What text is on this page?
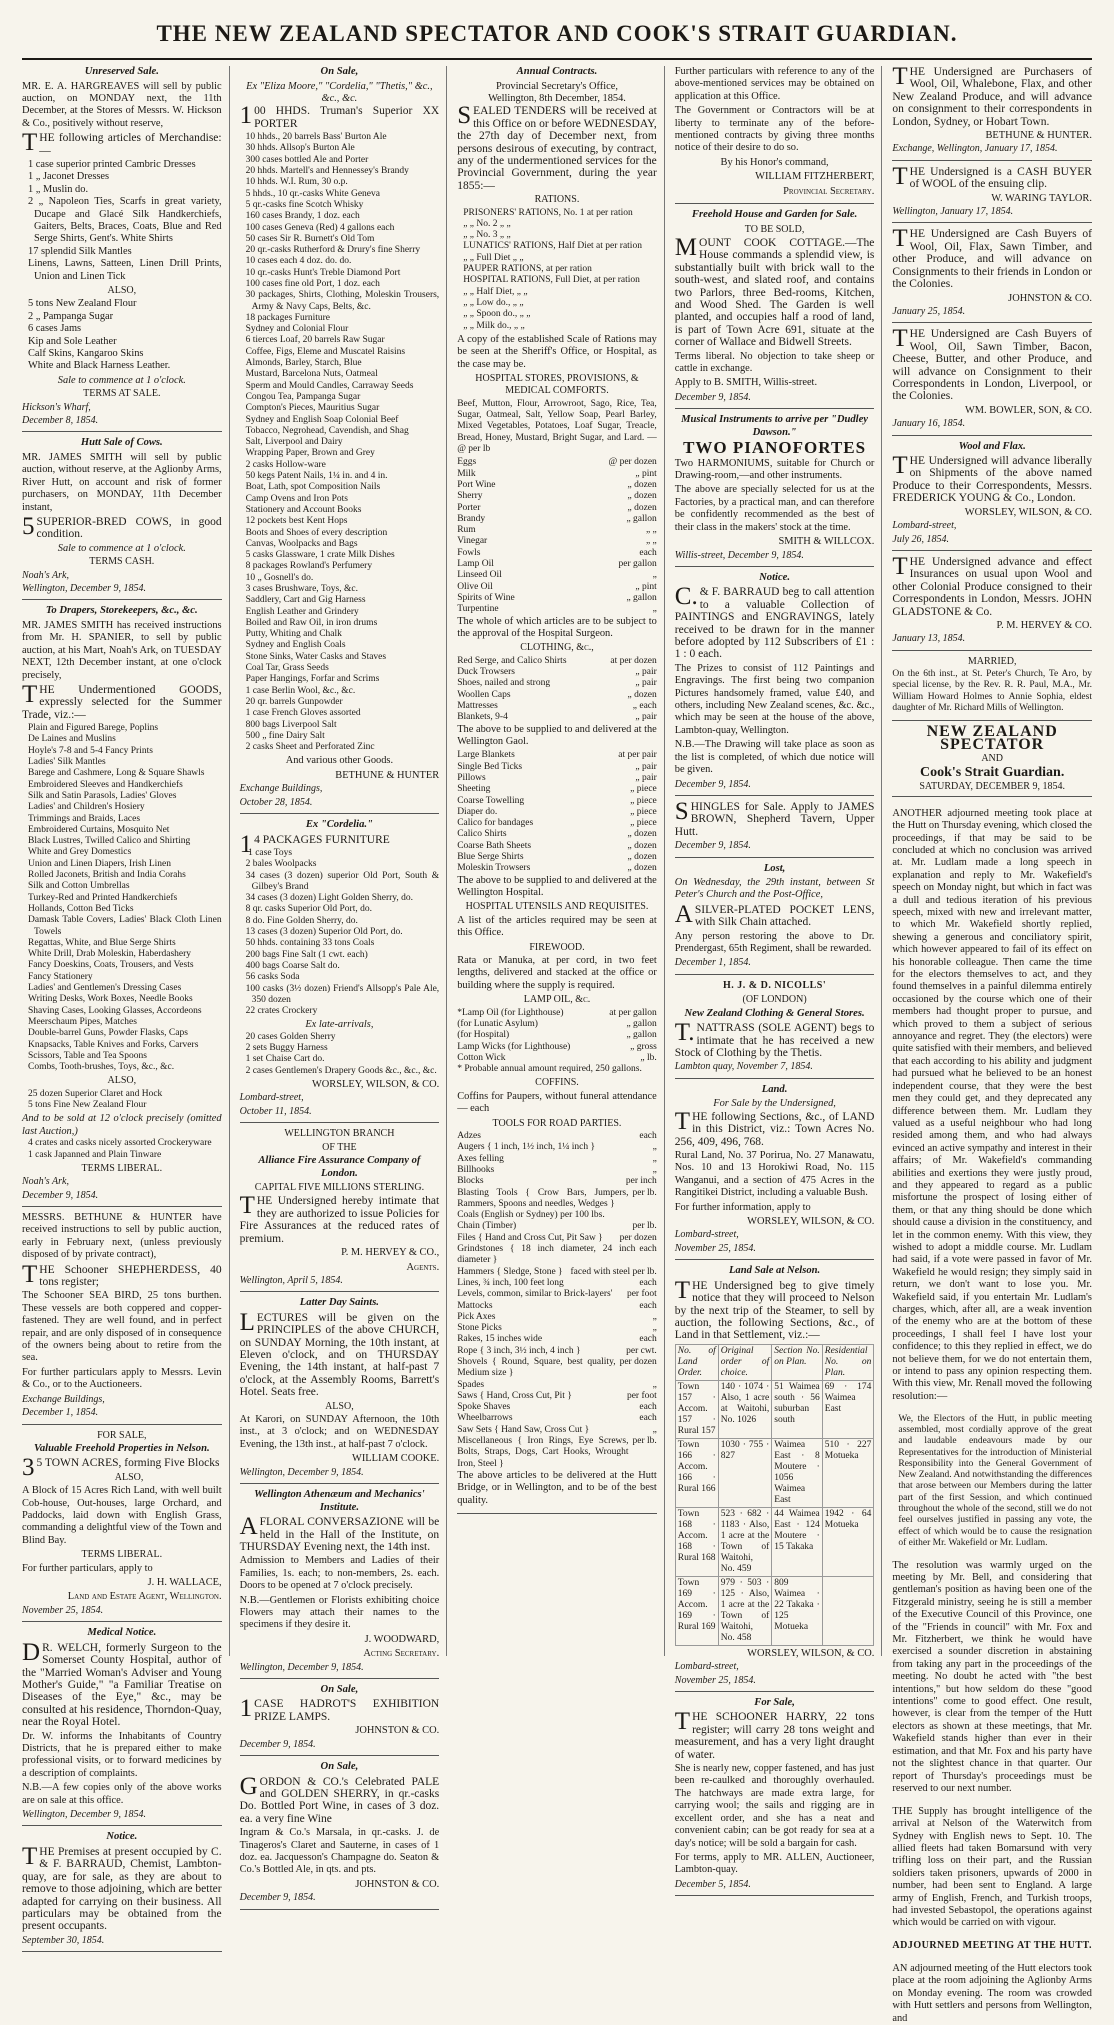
THE NEW ZEALAND SPECTATOR AND COOK'S STRAIT GUARDIAN.
Unreserved Sale.

MR. E. A. HARGREAVES will sell by public auction, on MONDAY next, the 11th December, at the Stores of Messrs. W. Hickson & Co., positively without reserve,

THE following articles of Merchandise:—

1 case superior printed Cambric Dresses
1 „ Jaconet Dresses
1 „ Muslin do.
2 „ Napoleon Ties, Scarfs in great variety, Ducape and Glacé Silk Handkerchiefs, Gaiters, Belts, Braces, Coats, Blue and Red Serge Shirts, Gent's. White Shirts
17 splendid Silk Mantles
Linens, Lawns, Satteen, Linen Drill Prints, Union and Linen Tick
ALSO,
5 tons New Zealand Flour
2 „ Pampanga Sugar
6 cases Jams
Kip and Sole Leather
Calf Skins, Kangaroo Skins
White and Black Harness Leather.
Sale to commence at 1 o'clock.
TERMS AT SALE.
Hickson's Wharf,
December 8, 1854.
Hutt Sale of Cows.

MR. JAMES SMITH will sell by public auction, without reserve, at the Aglionby Arms, River Hutt, on account and risk of former purchasers, on MONDAY, 11th December instant,

5SUPERIOR-BRED COWS, in good condition.

Sale to commence at 1 o'clock.
TERMS CASH.
Noah's Ark,
Wellington, December 9, 1854.
To Drapers, Storekeepers, &c., &c.

MR. JAMES SMITH has received instructions from Mr. H. SPANIER, to sell by public auction, at his Mart, Noah's Ark, on TUESDAY NEXT, 12th December instant, at one o'clock precisely,

THE Undermentioned GOODS, expressly selected for the Summer Trade, viz.:—

Plain and Figured Barege, Poplins
De Laines and Muslins
Hoyle's 7-8 and 5-4 Fancy Prints
Ladies' Silk Mantles
Barege and Cashmere, Long & Square Shawls
Embroidered Sleeves and Handkerchiefs
Silk and Satin Parasols, Ladies' Gloves
Ladies' and Children's Hosiery
Trimmings and Braids, Laces
Embroidered Curtains, Mosquito Net
Black Lustres, Twilled Calico and Shirting
White and Grey Domestics
Union and Linen Diapers, Irish Linen
Rolled Jaconets, British and India Corahs
Silk and Cotton Umbrellas
Turkey-Red and Printed Handkerchiefs
Hollands, Cotton Bed Ticks
Damask Table Covers, Ladies' Black Cloth Linen Towels
Regattas, White, and Blue Serge Shirts
White Drill, Drab Moleskin, Haberdashery
Fancy Doeskins, Coats, Trousers, and Vests
Fancy Stationery
Ladies' and Gentlemen's Dressing Cases
Writing Desks, Work Boxes, Needle Books
Shaving Cases, Looking Glasses, Accordeons
Meerschaum Pipes, Matches
Double-barrel Guns, Powder Flasks, Caps
Knapsacks, Table Knives and Forks, Carvers
Scissors, Table and Tea Spoons
Combs, Tooth-brushes, Toys, &c., &c.
ALSO,
25 dozen Superior Claret and Hock
5 tons Fine New Zealand Flour
And to be sold at 12 o'clock precisely (omitted last Auction,)
4 crates and casks nicely assorted Crockeryware
1 cask Japanned and Plain Tinware
TERMS LIBERAL.
Noah's Ark,
December 9, 1854.

MESSRS. BETHUNE & HUNTER have received instructions to sell by public auction, early in February next, (unless previously disposed of by private contract),

THE Schooner SHEPHERDESS, 40 tons register;

The Schooner SEA BIRD, 25 tons burthen. These vessels are both coppered and copper-fastened. They are well found, and in perfect repair, and are only disposed of in consequence of the owners being about to retire from the sea.

For further particulars apply to Messrs. Levin & Co., or to the Auctioneers.

Exchange Buildings,
December 1, 1854.
FOR SALE,
Valuable Freehold Properties in Nelson.

35 TOWN ACRES, forming Five Blocks

ALSO,

A Block of 15 Acres Rich Land, with well built Cob-house, Out-houses, large Orchard, and Paddocks, laid down with English Grass, commanding a delightful view of the Town and Blind Bay.

TERMS LIBERAL.

For further particulars, apply to

J. H. WALLACE,
Land and Estate Agent, Wellington.
November 25, 1854.
Medical Notice.

DR. WELCH, formerly Surgeon to the Somerset County Hospital, author of the "Married Woman's Adviser and Young Mother's Guide," "a Familiar Treatise on Diseases of the Eye," &c., may be consulted at his residence, Thorndon-Quay, near the Royal Hotel.

Dr. W. informs the Inhabitants of Country Districts, that he is prepared either to make professional visits, or to forward medicines by a description of complaints.

N.B.—A few copies only of the above works are on sale at this office.

Wellington, December 9, 1854.
Notice.

THE Premises at present occupied by C. & F. BARRAUD, Chemist, Lambton-quay, are for sale, as they are about to remove to those adjoining, which are better adapted for carrying on their business. All particulars may be obtained from the present occupants.

September 30, 1854.
On Sale,
Ex "Eliza Moore," "Cordelia," "Thetis," &c., &c., &c.

100 HHDS. Truman's Superior XX PORTER

10 hhds., 20 barrels Bass' Burton Ale
30 hhds. Allsop's Burton Ale
300 cases bottled Ale and Porter
20 hhds. Martell's and Hennessey's Brandy
10 hhds. W.I. Rum, 30 o.p.
5 hhds., 10 qr.-casks White Geneva
5 qr.-casks fine Scotch Whisky
160 cases Brandy, 1 doz. each
100 cases Geneva (Red) 4 gallons each
50 cases Sir R. Burnett's Old Tom
20 qr.-casks Rutherford & Drury's fine Sherry
10 cases each 4 doz. do. do.
10 qr.-casks Hunt's Treble Diamond Port
100 cases fine old Port, 1 doz. each
30 packages, Shirts, Clothing, Moleskin Trousers, Army & Navy Caps, Belts, &c.
18 packages Furniture
Sydney and Colonial Flour
6 tierces Loaf, 20 barrels Raw Sugar
Coffee, Figs, Eleme and Muscatel Raisins
Almonds, Barley, Starch, Blue
Mustard, Barcelona Nuts, Oatmeal
Sperm and Mould Candles, Carraway Seeds
Congou Tea, Pampanga Sugar
Compton's Pieces, Mauritius Sugar
Sydney and English Soap Colonial Beef
Tobacco, Negrohead, Cavendish, and Shag
Salt, Liverpool and Dairy
Wrapping Paper, Brown and Grey
2 casks Hollow-ware
50 kegs Patent Nails, 1¼ in. and 4 in.
Boat, Lath, spot Composition Nails
Camp Ovens and Iron Pots
Stationery and Account Books
12 pockets best Kent Hops
Boots and Shoes of every description
Canvas, Woolpacks and Bags
5 casks Glassware, 1 crate Milk Dishes
8 packages Rowland's Perfumery
10 „ Gosnell's do.
3 cases Brushware, Toys, &c.
Saddlery, Cart and Gig Harness
English Leather and Grindery
Boiled and Raw Oil, in iron drums
Putty, Whiting and Chalk
Sydney and English Coals
Stone Sinks, Water Casks and Staves
Coal Tar, Grass Seeds
Paper Hangings, Forfar and Scrims
1 case Berlin Wool, &c., &c.
20 qr. barrels Gunpowder
1 case French Gloves assorted
800 bags Liverpool Salt
500 „ fine Dairy Salt
2 casks Sheet and Perforated Zinc
And various other Goods.
BETHUNE & HUNTER
Exchange Buildings,
October 28, 1854.
Ex "Cordelia."

14 PACKAGES FURNITURE

1 case Toys
2 bales Woolpacks
34 cases (3 dozen) superior Old Port, South & Gilbey's Brand
34 cases (3 dozen) Light Golden Sherry, do.
8 qr. casks Superior Old Port, do.
8 do. Fine Golden Sherry, do.
13 cases (3 dozen) Superior Old Port, do.
50 hhds. containing 33 tons Coals
200 bags Fine Salt (1 cwt. each)
400 bags Coarse Salt do.
56 casks Soda
100 casks (3½ dozen) Friend's Allsopp's Pale Ale, 350 dozen
22 crates Crockery
Ex late-arrivals,
20 cases Golden Sherry
2 sets Buggy Harness
1 set Chaise Cart do.
2 cases Gentlemen's Drapery Goods &c., &c., &c.
WORSLEY, WILSON, & CO.
Lombard-street,
October 11, 1854.
WELLINGTON BRANCH
OF THE
Alliance Fire Assurance Company of London.
CAPITAL FIVE MILLIONS STERLING.

THE Undersigned hereby intimate that they are authorized to issue Policies for Fire Assurances at the reduced rates of premium.

P. M. HERVEY & CO.,
Agents.
Wellington, April 5, 1854.
Latter Day Saints.

LECTURES will be given on the PRINCIPLES of the above CHURCH, on SUNDAY Morning, the 10th instant, at Eleven o'clock, and on THURSDAY Evening, the 14th instant, at half-past 7 o'clock, at the Assembly Rooms, Barrett's Hotel. Seats free.

ALSO,

At Karori, on SUNDAY Afternoon, the 10th inst., at 3 o'clock; and on WEDNESDAY Evening, the 13th inst., at half-past 7 o'clock.

WILLIAM COOKE.
Wellington, December 9, 1854.
Wellington Athenæum and Mechanics' Institute.

AFLORAL CONVERSAZIONE will be held in the Hall of the Institute, on THURSDAY Evening next, the 14th inst.

Admission to Members and Ladies of their Families, 1s. each; to non-members, 2s. each. Doors to be opened at 7 o'clock precisely.

N.B.—Gentlemen or Florists exhibiting choice Flowers may attach their names to the specimens if they desire it.

J. WOODWARD,
Acting Secretary.
Wellington, December 9, 1854.
On Sale,

1CASE HADROT'S EXHIBITION PRIZE LAMPS.

JOHNSTON & CO.
December 9, 1854.
On Sale,

GORDON & CO.'s Celebrated PALE and GOLDEN SHERRY, in qr.-casks Do. Bottled Port Wine, in cases of 3 doz. ea. a very fine Wine

Ingram & Co.'s Marsala, in qr.-casks. J. de Tinageros's Claret and Sauterne, in cases of 1 doz. ea. Jacquesson's Champagne do. Seaton & Co.'s Bottled Ale, in qts. and pts.

JOHNSTON & CO.
December 9, 1854.
Annual Contracts.
Provincial Secretary's Office,
Wellington, 8th December, 1854.

SEALED TENDERS will be received at this Office on or before WEDNESDAY, the 27th day of December next, from persons desirous of executing, by contract, any of the undermentioned services for the Provincial Government, during the year 1855:—

RATIONS.
PRISONERS' RATIONS, No. 1 at per ration
„ „ No. 2 „ „
„ „ No. 3 „ „
LUNATICS' RATIONS, Half Diet at per ration
„ „ Full Diet „ „
PAUPER RATIONS, at per ration
HOSPITAL RATIONS, Full Diet, at per ration
„ „ Half Diet, „ „
„ „ Low do., „ „
„ „ Spoon do., „ „
„ „ Milk do., „ „

A copy of the established Scale of Rations may be seen at the Sheriff's Office, or Hospital, as the case may be.

HOSPITAL STORES, PROVISIONS, & MEDICAL COMFORTS.

Beef, Mutton, Flour, Arrowroot, Sago, Rice, Tea, Sugar, Oatmeal, Salt, Yellow Soap, Pearl Barley, Mixed Vegetables, Potatoes, Loaf Sugar, Treacle, Bread, Honey, Mustard, Bright Sugar, and Lard. — @ per lb

Eggs	@ per dozen
Milk	„ pint
Port Wine	„ dozen
Sherry	„ dozen
Porter	„ dozen
Brandy	„ gallon
Rum	„ „
Vinegar	„ „
Fowls	each
Lamp Oil	per gallon
Linseed Oil	„
Olive Oil	„ pint
Spirits of Wine	„ gallon
Turpentine	„

The whole of which articles are to be subject to the approval of the Hospital Surgeon.

CLOTHING, &c.,
Red Serge, and Calico Shirts	at per dozen
Duck Trowsers	„ pair
Shoes, nailed and strong	„ pair
Woollen Caps	„ dozen
Mattresses	„ each
Blankets, 9-4	„ pair

The above to be supplied to and delivered at the Wellington Gaol.

Large Blankets	at per pair
Single Bed Ticks	„ pair
Pillows	„ pair
Sheeting	„ piece
Coarse Towelling	„ piece
Diaper do.	„ piece
Calico for bandages	„ piece
Calico Shirts	„ dozen
Coarse Bath Sheets	„ dozen
Blue Serge Shirts	„ dozen
Moleskin Trowsers	„ dozen

The above to be supplied to and delivered at the Wellington Hospital.

HOSPITAL UTENSILS AND REQUISITES.

A list of the articles required may be seen at this Office.

FIREWOOD.

Rata or Manuka, at per cord, in two feet lengths, delivered and stacked at the office or building where the supply is required.

LAMP OIL, &c.
*Lamp Oil (for Lighthouse)	at per gallon
(for Lunatic Asylum)	„ gallon
(for Hospital)	„ gallon
Lamp Wicks (for Lighthouse)	„ gross
Cotton Wick	„ lb.

* Probable annual amount required, 250 gallons.

COFFINS.

Coffins for Paupers, without funeral attendance — each

TOOLS FOR ROAD PARTIES.
Adzes	each
Augers { 1 inch, 1½ inch, 1¼ inch }	„
Axes felling	„
Billhooks	„
Blocks	per inch
Blasting Tools { Crow Bars, Jumpers, Rammers, Spoons and needles, Wedges }
per lb.
Coals (English or Sydney) per 100 lbs.
Chain (Timber)	per lb.
Files { Hand and Cross Cut, Pit Saw } per dozen
Grindstones { 18 inch diameter, 24 inch diameter }
each
Hammers { Sledge, Stone } faced with steel per lb.
Lines, ¾ inch, 100 feet long	each
Levels, common, similar to Brick-layers' per foot
Mattocks	each
Pick Axes	„
Stone Picks	„
Rakes, 15 inches wide	each
Rope { 3 inch, 3½ inch, 4 inch }	per cwt.
Shovels { Round, Square, best quality, Medium size }
per dozen
Spades	„
Saws { Hand, Cross Cut, Pit }	per foot
Spoke Shaves	each
Wheelbarrows	each
Saw Sets { Hand Saw, Cross Cut }	„
Miscellaneous { Iron Rings, Eye Screws, Bolts, Straps, Dogs, Cart Hooks, Wrought Iron, Steel }
per lb.

The above articles to be delivered at the Hutt Bridge, or in Wellington, and to be of the best quality.

Further particulars with reference to any of the above-mentioned services may be obtained on application at this Office.

The Government or Contractors will be at liberty to terminate any of the before-mentioned contracts by giving three months notice of their desire to do so.

By his Honor's command,
WILLIAM FITZHERBERT,
Provincial Secretary.
Freehold House and Garden for Sale.
TO BE SOLD,

MOUNT COOK COTTAGE.—The House commands a splendid view, is substantially built with brick wall to the south-west, and slated roof, and contains two Parlors, three Bed-rooms, Kitchen, and Wood Shed. The Garden is well planted, and occupies half a rood of land, is part of Town Acre 691, situate at the corner of Wallace and Bidwell Streets.

Terms liberal. No objection to take sheep or cattle in exchange.

Apply to B. SMITH, Willis-street.

December 9, 1854.
Musical Instruments to arrive per "Dudley Dawson."
TWO PIANOFORTES

Two HARMONIUMS, suitable for Church or Drawing-room,—and other instruments.

The above are specially selected for us at the Factories, by a practical man, and can therefore be confidently recommended as the best of their class in the makers' stock at the time.

SMITH & WILLCOX.
Willis-street, December 9, 1854.
Notice.

C.& F. BARRAUD beg to call attention to a valuable Collection of PAINTINGS and ENGRAVINGS, lately received to be drawn for in the manner before adopted by 112 Subscribers of £1 : 1 : 0 each.

The Prizes to consist of 112 Paintings and Engravings. The first being two companion Pictures handsomely framed, value £40, and others, including New Zealand scenes, &c. &c., which may be seen at the house of the above, Lambton-quay, Wellington.

N.B.—The Drawing will take place as soon as the list is completed, of which due notice will be given.

December 9, 1854.

SHINGLES for Sale. Apply to JAMES BROWN, Shepherd Tavern, Upper Hutt.

December 9, 1854.
Lost,

On Wednesday, the 29th instant, between St Peter's Church and the Post-Office,

ASILVER-PLATED POCKET LENS, with Silk Chain attached.

Any person restoring the above to Dr. Prendergast, 65th Regiment, shall be rewarded.

December 1, 1854.
H. J. & D. NICOLLS'
(OF LONDON)
New Zealand Clothing & General Stores.

T.NATTRASS (SOLE AGENT) begs to intimate that he has received a new Stock of Clothing by the Thetis.

Lambton quay, November 7, 1854.
Land.
For Sale by the Undersigned,

THE following Sections, &c., of LAND in this District, viz.: Town Acres No. 256, 409, 496, 768.

Rural Land, No. 37 Porirua, No. 27 Manawatu, Nos. 10 and 13 Horokiwi Road, No. 115 Wanganui, and a section of 475 Acres in the Rangitikei District, including a valuable Bush.

For further information, apply to

WORSLEY, WILSON, & CO.
Lombard-street,
November 25, 1854.
Land Sale at Nelson.

THE Undersigned beg to give timely notice that they will proceed to Nelson by the next trip of the Steamer, to sell by auction, the following Sections, &c., of Land in that Settlement, viz.:—

No. of Land Order.	Original order of choice.	Section No. on Plan.	Residential No. on Plan.
Town 157 · Accom. 157 · Rural 157	140 · 1074 · Also, 1 acre at Waitohi, No. 1026	51 Waimea south · 56 suburban south	69 · 174 Waimea East
Town 166 · Accom. 166 · Rural 166	1030 · 755 · 827	Waimea East · 8 Moutere · 1056 Waimea East	510 · 227 Motueka
Town 168 · Accom. 168 · Rural 168	523 · 682 · 1183 · Also, 1 acre at the Town of Waitohi, No. 459	44 Waimea East · 124 Moutere · 15 Takaka	1942 · 64 Motueka
Town 169 · Accom. 169 · Rural 169	979 · 503 · 125 · Also, 1 acre at the Town of Waitohi, No. 458	809 Waimea · 22 Takaka · 125 Motueka	
WORSLEY, WILSON, & CO.
Lombard-street,
November 25, 1854.
For Sale,

THE SCHOONER HARRY, 22 tons register; will carry 28 tons weight and measurement, and has a very light draught of water.

She is nearly new, copper fastened, and has just been re-caulked and thoroughly overhauled. The hatchways are made extra large, for carrying wool; the sails and rigging are in excellent order, and she has a neat and convenient cabin; can be got ready for sea at a day's notice; will be sold a bargain for cash.

For terms, apply to MR. ALLEN, Auctioneer, Lambton-quay.

December 5, 1854.

THE Undersigned are Purchasers of Wool, Oil, Whalebone, Flax, and other New Zealand Produce, and will advance on consignment to their correspondents in London, Sydney, or Hobart Town.

BETHUNE & HUNTER.
Exchange, Wellington, January 17, 1854.

THE Undersigned is a CASH BUYER of WOOL of the ensuing clip.

W. WARING TAYLOR.
Wellington, January 17, 1854.

THE Undersigned are Cash Buyers of Wool, Oil, Flax, Sawn Timber, and other Produce, and will advance on Consignments to their friends in London or the Colonies.

JOHNSTON & CO.
January 25, 1854.

THE Undersigned are Cash Buyers of Wool, Oil, Sawn Timber, Bacon, Cheese, Butter, and other Produce, and will advance on Consignment to their Correspondents in London, Liverpool, or the Colonies.

WM. BOWLER, SON, & CO.
January 16, 1854.
Wool and Flax.

THE Undersigned will advance liberally on Shipments of the above named Produce to their Correspondents, Messrs. FREDERICK YOUNG & Co., London.

WORSLEY, WILSON, & CO.
Lombard-street,
July 26, 1854.

THE Undersigned advance and effect Insurances on usual upon Wool and other Colonial Produce consigned to their Correspondents in London, Messrs. JOHN GLADSTONE & Co.

P. M. HERVEY & CO.
January 13, 1854.
MARRIED,

On the 6th inst., at St. Peter's Church, Te Aro, by special license, by the Rev. R. R. Paul, M.A., Mr. William Howard Holmes to Annie Sophia, eldest daughter of Mr. Richard Mills of Wellington.

NEW ZEALAND SPECTATOR
AND
Cook's Strait Guardian.
SATURDAY, DECEMBER 9, 1854.

ANOTHER adjourned meeting took place at the Hutt on Thursday evening, which closed the proceedings, if that may be said to be concluded at which no conclusion was arrived at. Mr. Ludlam made a long speech in explanation and reply to Mr. Wakefield's speech on Monday night, but which in fact was a dull and tedious iteration of his previous speech, mixed with new and irrelevant matter, to which Mr. Wakefield shortly replied, shewing a generous and conciliatory spirit, which however appeared to fail of its effect on his honorable colleague. Then came the time for the electors themselves to act, and they found themselves in a painful dilemma entirely occasioned by the course which one of their members had thought proper to pursue, and which proved to them a subject of serious annoyance and regret. They (the electors) were quite satisfied with their members, and believed that each according to his ability and judgment had pursued what he believed to be an honest independent course, that they were the best men they could get, and they deprecated any difference between them. Mr. Ludlam they valued as a useful neighbour who had long resided among them, and who had always evinced an active sympathy and interest in their affairs; of Mr. Wakefield's commanding abilities and exertions they were justly proud, and they appeared to regard as a public misfortune the prospect of losing either of them, or that any thing should be done which should cause a division in the constituency, and let in the common enemy. With this view, they wished to adopt a middle course. Mr. Ludlam had said, if a vote were passed in favor of Mr. Wakefield he would resign; they simply said in return, we don't want to lose you. Mr. Wakefield said, if you entertain Mr. Ludlam's charges, which, after all, are a weak invention of the enemy who are at the bottom of these proceedings, I shall feel I have lost your confidence; to this they replied in effect, we do not believe them, for we do not entertain them, or intend to pass any opinion respecting them. With this view, Mr. Renall moved the following resolution:—

We, the Electors of the Hutt, in public meeting assembled, most cordially approve of the great and laudable endeavours made by our Representatives for the introduction of Ministerial Responsibility into the General Government of New Zealand. And notwithstanding the differences that arose between our Members during the latter part of the first Session, and which continued throughout the whole of the second, still we do not feel ourselves justified in passing any vote, the effect of which would be to cause the resignation of either Mr. Wakefield or Mr. Ludlam.

The resolution was warmly urged on the meeting by Mr. Bell, and considering that gentleman's position as having been one of the Fitzgerald ministry, seeing he is still a member of the Executive Council of this Province, one of the "Friends in council" with Mr. Fox and Mr. Fitzherbert, we think he would have exercised a sounder discretion in abstaining from taking any part in the proceedings of the meeting. No doubt he acted with "the best intentions," but how seldom do these "good intentions" come to good effect. One result, however, is clear from the temper of the Hutt electors as shown at these meetings, that Mr. Wakefield stands higher than ever in their estimation, and that Mr. Fox and his party have not the slightest chance in that quarter. Our report of Thursday's proceedings must be reserved to our next number.

THE Supply has brought intelligence of the arrival at Nelson of the Waterwitch from Sydney with English news to Sept. 10. The allied fleets had taken Bomarsund with very trifling loss on their part, and the Russian soldiers taken prisoners, upwards of 2000 in number, had been sent to England. A large army of English, French, and Turkish troops, had invested Sebastopol, the operations against which would be carried on with vigour.

ADJOURNED MEETING AT THE HUTT.

AN adjourned meeting of the Hutt electors took place at the room adjoining the Aglionby Arms on Monday evening. The room was crowded with Hutt settlers and persons from Wellington, and
